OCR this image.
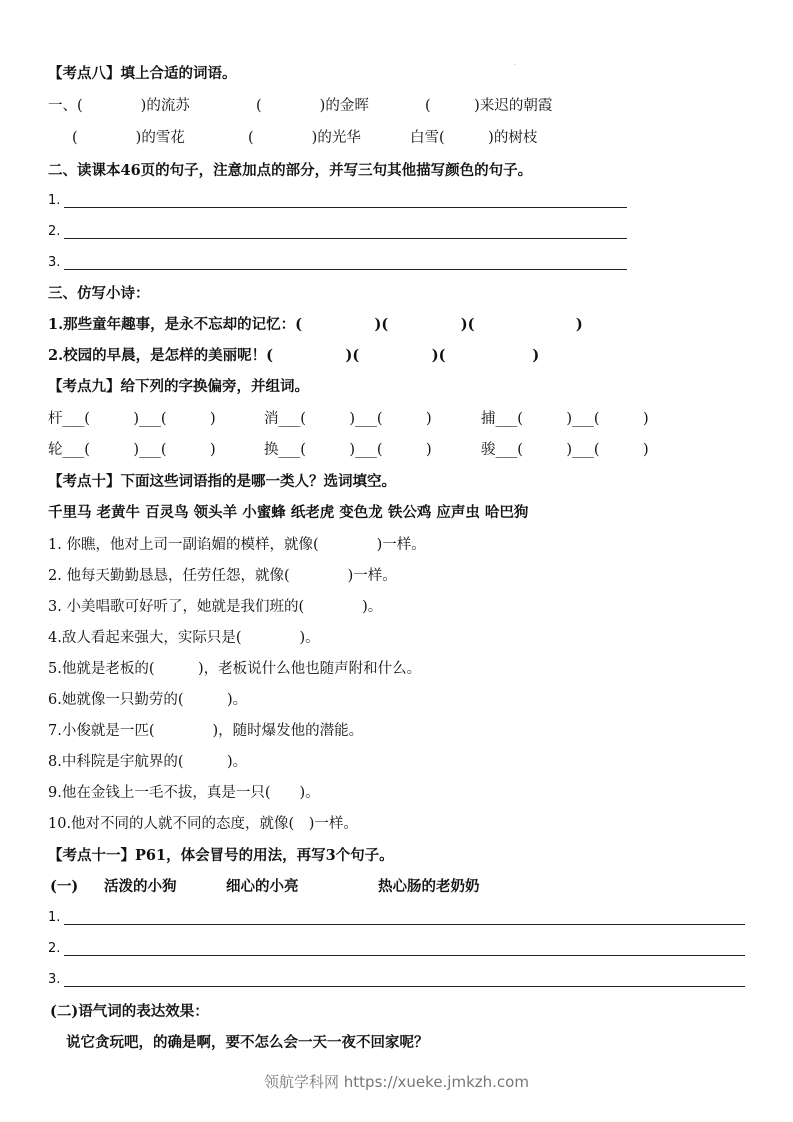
·
【考点八】填上合适的词语。
一、(　　　　)的流苏	(　　　　)的金晖	(　　　)来迟的朝霞
(　　　　)的雪花	(　　　　)的光华	白雪(　　　)的树枝
二、读课本46页的句子，注意加点的部分，并写三句其他描写颜色的句子。
1.
2.
3.
三、仿写小诗：
1.那些童年趣事，是永不忘却的记忆：(　　　　　)(　　　　　)(　　　　　　　)
2.校园的早晨，是怎样的美丽呢！(　　　　　)(　　　　　)(　　　　　　)
【考点九】给下列的字换偏旁，并组词。
杆___(　　　)___(　　　)	消___(　　　)___(　　　)	捕___(　　　)___(　　　)
轮___(　　　)___(　　　)	换___(　　　)___(　　　)	骏___(　　　)___(　　　)
【考点十】下面这些词语指的是哪一类人？选词填空。
千里马 老黄牛 百灵鸟 领头羊 小蜜蜂 纸老虎 变色龙 铁公鸡 应声虫 哈巴狗
1. 你瞧，他对上司一副谄媚的模样，就像(　　　　)一样。
2. 他每天勤勤恳恳，任劳任怨，就像(　　　　)一样。
3. 小美唱歌可好听了，她就是我们班的(　　　　)。
4.敌人看起来强大，实际只是(　　　　)。
5.他就是老板的(　　　)，老板说什么他也随声附和什么。
6.她就像一只勤劳的(　　　)。
7.小俊就是一匹(　　　　)，随时爆发他的潜能。
8.中科院是宇航界的(　　　)。
9.他在金钱上一毛不拔，真是一只(　　)。
10.他对不同的人就不同的态度，就像(　)一样。
【考点十一】P61，体会冒号的用法，再写3个句子。
(一) 活泼的小狗	细心的小亮	热心肠的老奶奶
1.
2.
3.
(二)语气词的表达效果：
说它贪玩吧，的确是啊，要不怎么会一天一夜不回家呢？
领航学科网 https://xueke.jmkzh.com
